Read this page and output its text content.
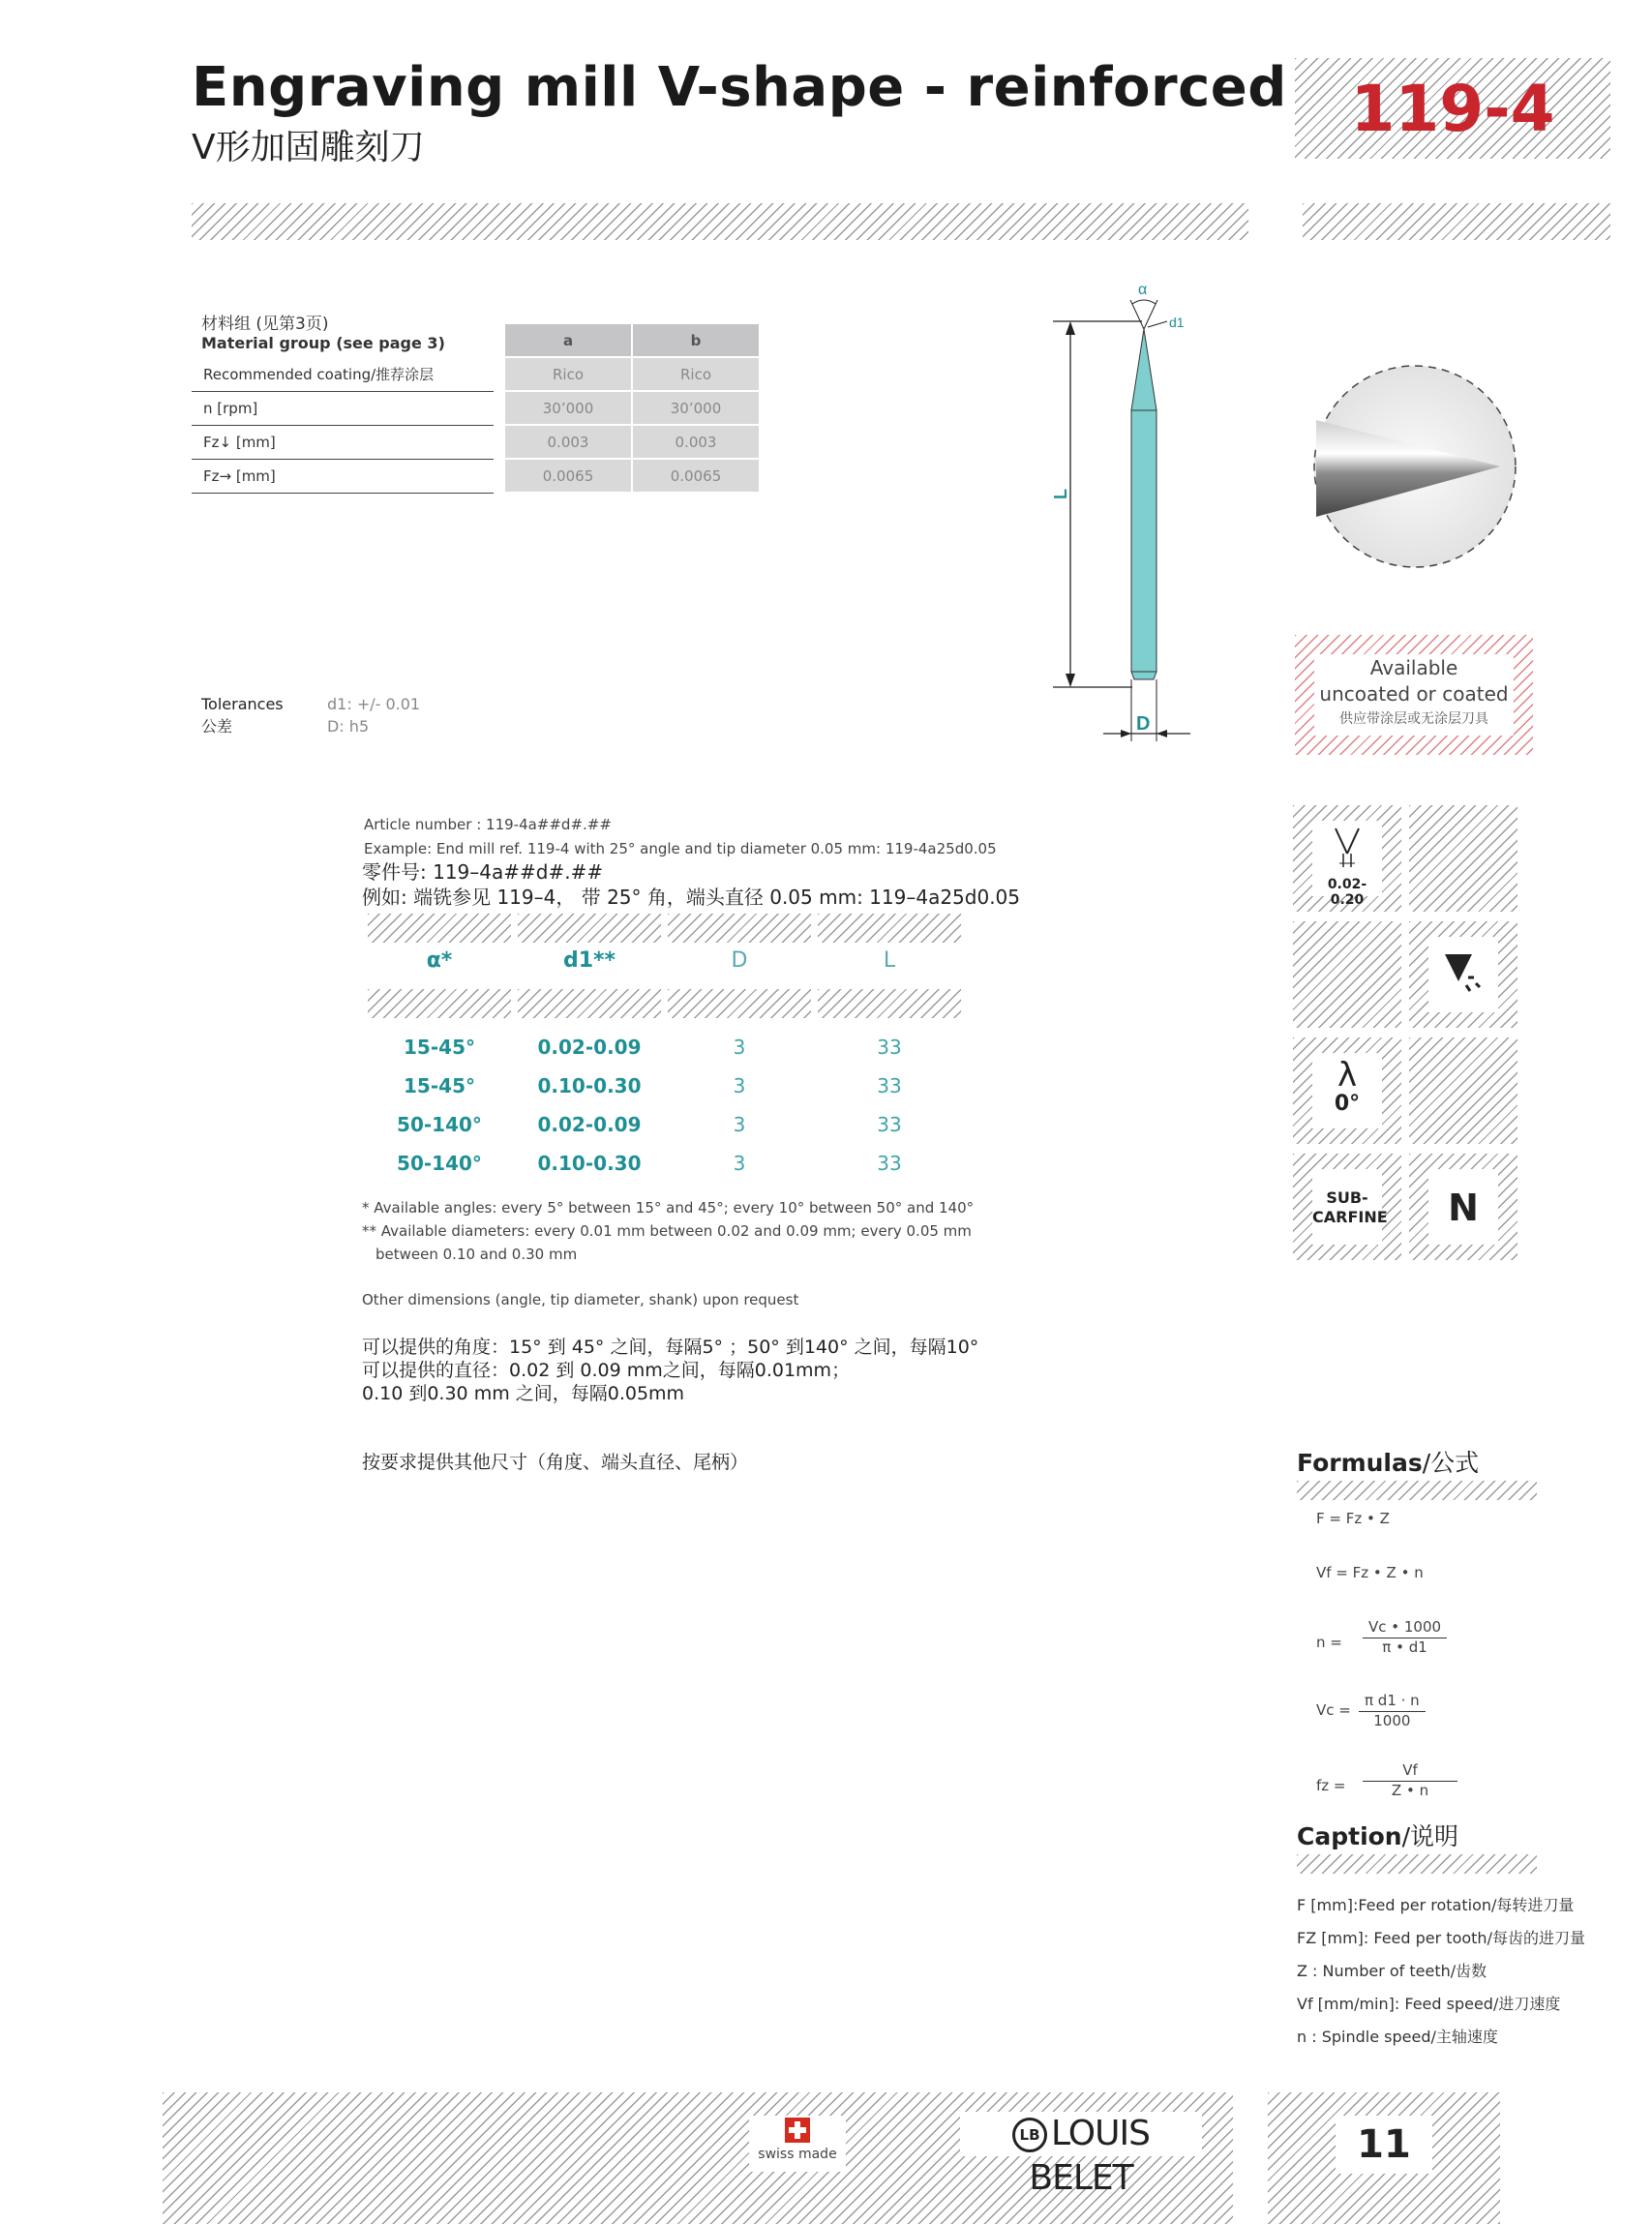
Engraving mill V-shape - reinforced
V形加固雕刻刀
119-4
材料组 (见第3页)
Material group (see page 3)
			a	b
Recommended coating/推荐涂层		Rico	Rico
n [rpm]		30’000	30’000
Fz↓ [mm]		0.003	0.003
Fz→ [mm]		0.0065	0.0065
Tolerances
公差
d1: +/- 0.01
D: h5
L
D
α
d1
Available
uncoated or coated
供应带涂层或无涂层刀具
Article number : 119-4a##d#.##
Example: End mill ref. 119-4 with 25° angle and tip diameter 0.05 mm: 119-4a25d0.05
零件号: 119–4a##d#.##
例如: 端铣参见 119–4， 带 25° 角，端头直径 0.05 mm: 119–4a25d0.05
α*	d1**	D	L
15-45°	0.02-0.09	3	33
15-45°	0.10-0.30	3	33
50-140°	0.02-0.09	3	33
50-140°	0.10-0.30	3	33
* Available angles: every 5° between 15° and 45°; every 10° between 50° and 140°
** Available diameters: every 0.01 mm between 0.02 and 0.09 mm; every 0.05 mm
between 0.10 and 0.30 mm
Other dimensions (angle, tip diameter, shank) upon request
可以提供的角度：15° 到 45° 之间，每隔5° ；50° 到140° 之间，每隔10°
可以提供的直径：0.02 到 0.09 mm之间，每隔0.01mm；
0.10 到0.30 mm 之间，每隔0.05mm
按要求提供其他尺寸（角度、端头直径、尾柄）
0.02-0.20
λ
0°
SUB-
CARFINE	N
Formulas/公式
F = Fz • Z
Vf = Fz • Z • n
$n = \frac{Vc • 1000}{\pi • d1}$
$Vc = \frac{\text{π d1 · n}}{1000}$
fz = $\frac{Vf}{Z • n}$
Caption/说明
F [mm]:Feed per rotation/每转进刀量
FZ [mm]: Feed per tooth/每齿的进刀量
Z : Number of teeth/齿数
Vf [mm/min]: Feed speed/进刀速度
n : Spindle speed/主轴速度
swiss made
LB LOUIS BELET
11
